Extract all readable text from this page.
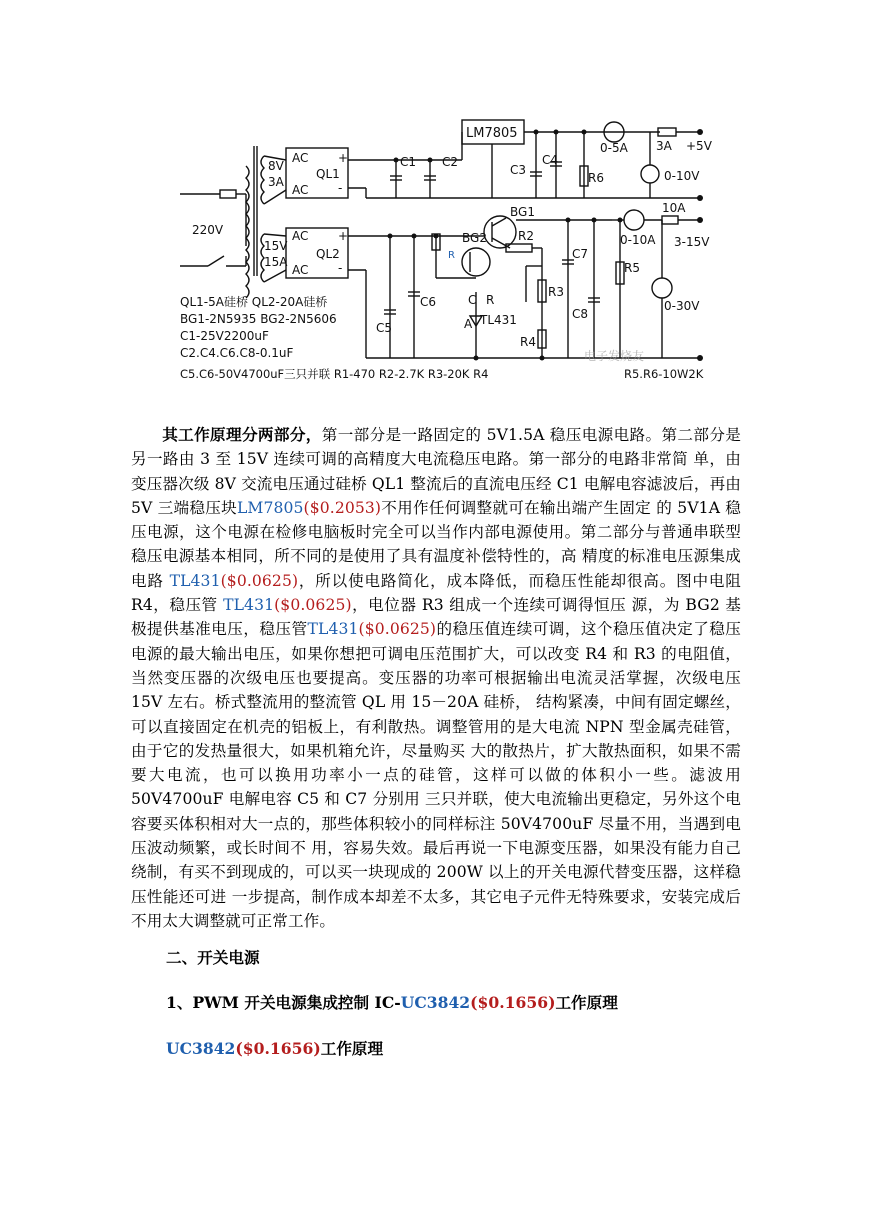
220V
8V
3A
15V
15A
AC
AC
QL1
+
-
AC
AC
QL2
+
-
LM7805
C1 C2
C3
C4
R6
0-5A 3A +5V
0-10V
BG1
BG2	R2
R3
R4
R5
C5
C6
C7
C8
C R
A TL431
R
0-10A
10A
3-15V
0-30V
QL1-5A硅桥 QL2-20A硅桥
BG1-2N5935 BG2-2N5606
C1-25V2200uF
C2.C4.C6.C8-0.1uF
C5.C6-50V4700uF三只并联 R1-470 R2-2.7K R3-20K R4	R5.R6-10W2K
电子发烧友

其工作原理分两部分，第一部分是一路固定的 5V1.5A 稳压电源电路。第二部分是另一路由 3 至 15V 连续可调的高精度大电流稳压电路。第一部分的电路非常简 单，由变压器次级 8V 交流电压通过硅桥 QL1 整流后的直流电压经 C1 电解电容滤波后，再由 5V 三端稳压块LM7805($0.2053)不用作任何调整就可在输出端产生固定 的 5V1A 稳压电源，这个电源在检修电脑板时完全可以当作内部电源使用。第二部分与普通串联型稳压电源基本相同，所不同的是使用了具有温度补偿特性的，高 精度的标准电压源集成电路 TL431($0.0625)，所以使电路简化，成本降低，而稳压性能却很高。图中电阻 R4，稳压管 TL431($0.0625)，电位器 R3 组成一个连续可调得恒压 源，为 BG2 基极提供基准电压，稳压管TL431($0.0625)的稳压值连续可调，这个稳压值决定了稳压电源的最大输出电压，如果你想把可调电压范围扩大，可以改变 R4 和 R3 的电阻值，当然变压器的次级电压也要提高。变压器的功率可根据输出电流灵活掌握，次级电压 15V 左右。桥式整流用的整流管 QL 用 15－20A 硅桥， 结构紧凑，中间有固定螺丝，可以直接固定在机壳的铝板上，有利散热。调整管用的是大电流 NPN 型金属壳硅管，由于它的发热量很大，如果机箱允许，尽量购买 大的散热片，扩大散热面积，如果不需要大电流，也可以换用功率小一点的硅管，这样可以做的体积小一些。滤波用 50V4700uF 电解电容 C5 和 C7 分别用 三只并联，使大电流输出更稳定，另外这个电容要买体积相对大一点的，那些体积较小的同样标注 50V4700uF 尽量不用，当遇到电压波动频繁，或长时间不 用，容易失效。最后再说一下电源变压器，如果没有能力自己绕制，有买不到现成的，可以买一块现成的 200W 以上的开关电源代替变压器，这样稳压性能还可进 一步提高，制作成本却差不太多，其它电子元件无特殊要求，安装完成后不用太大调整就可正常工作。

二、开关电源
1、PWM 开关电源集成控制 IC-UC3842($0.1656)工作原理
UC3842($0.1656)工作原理
